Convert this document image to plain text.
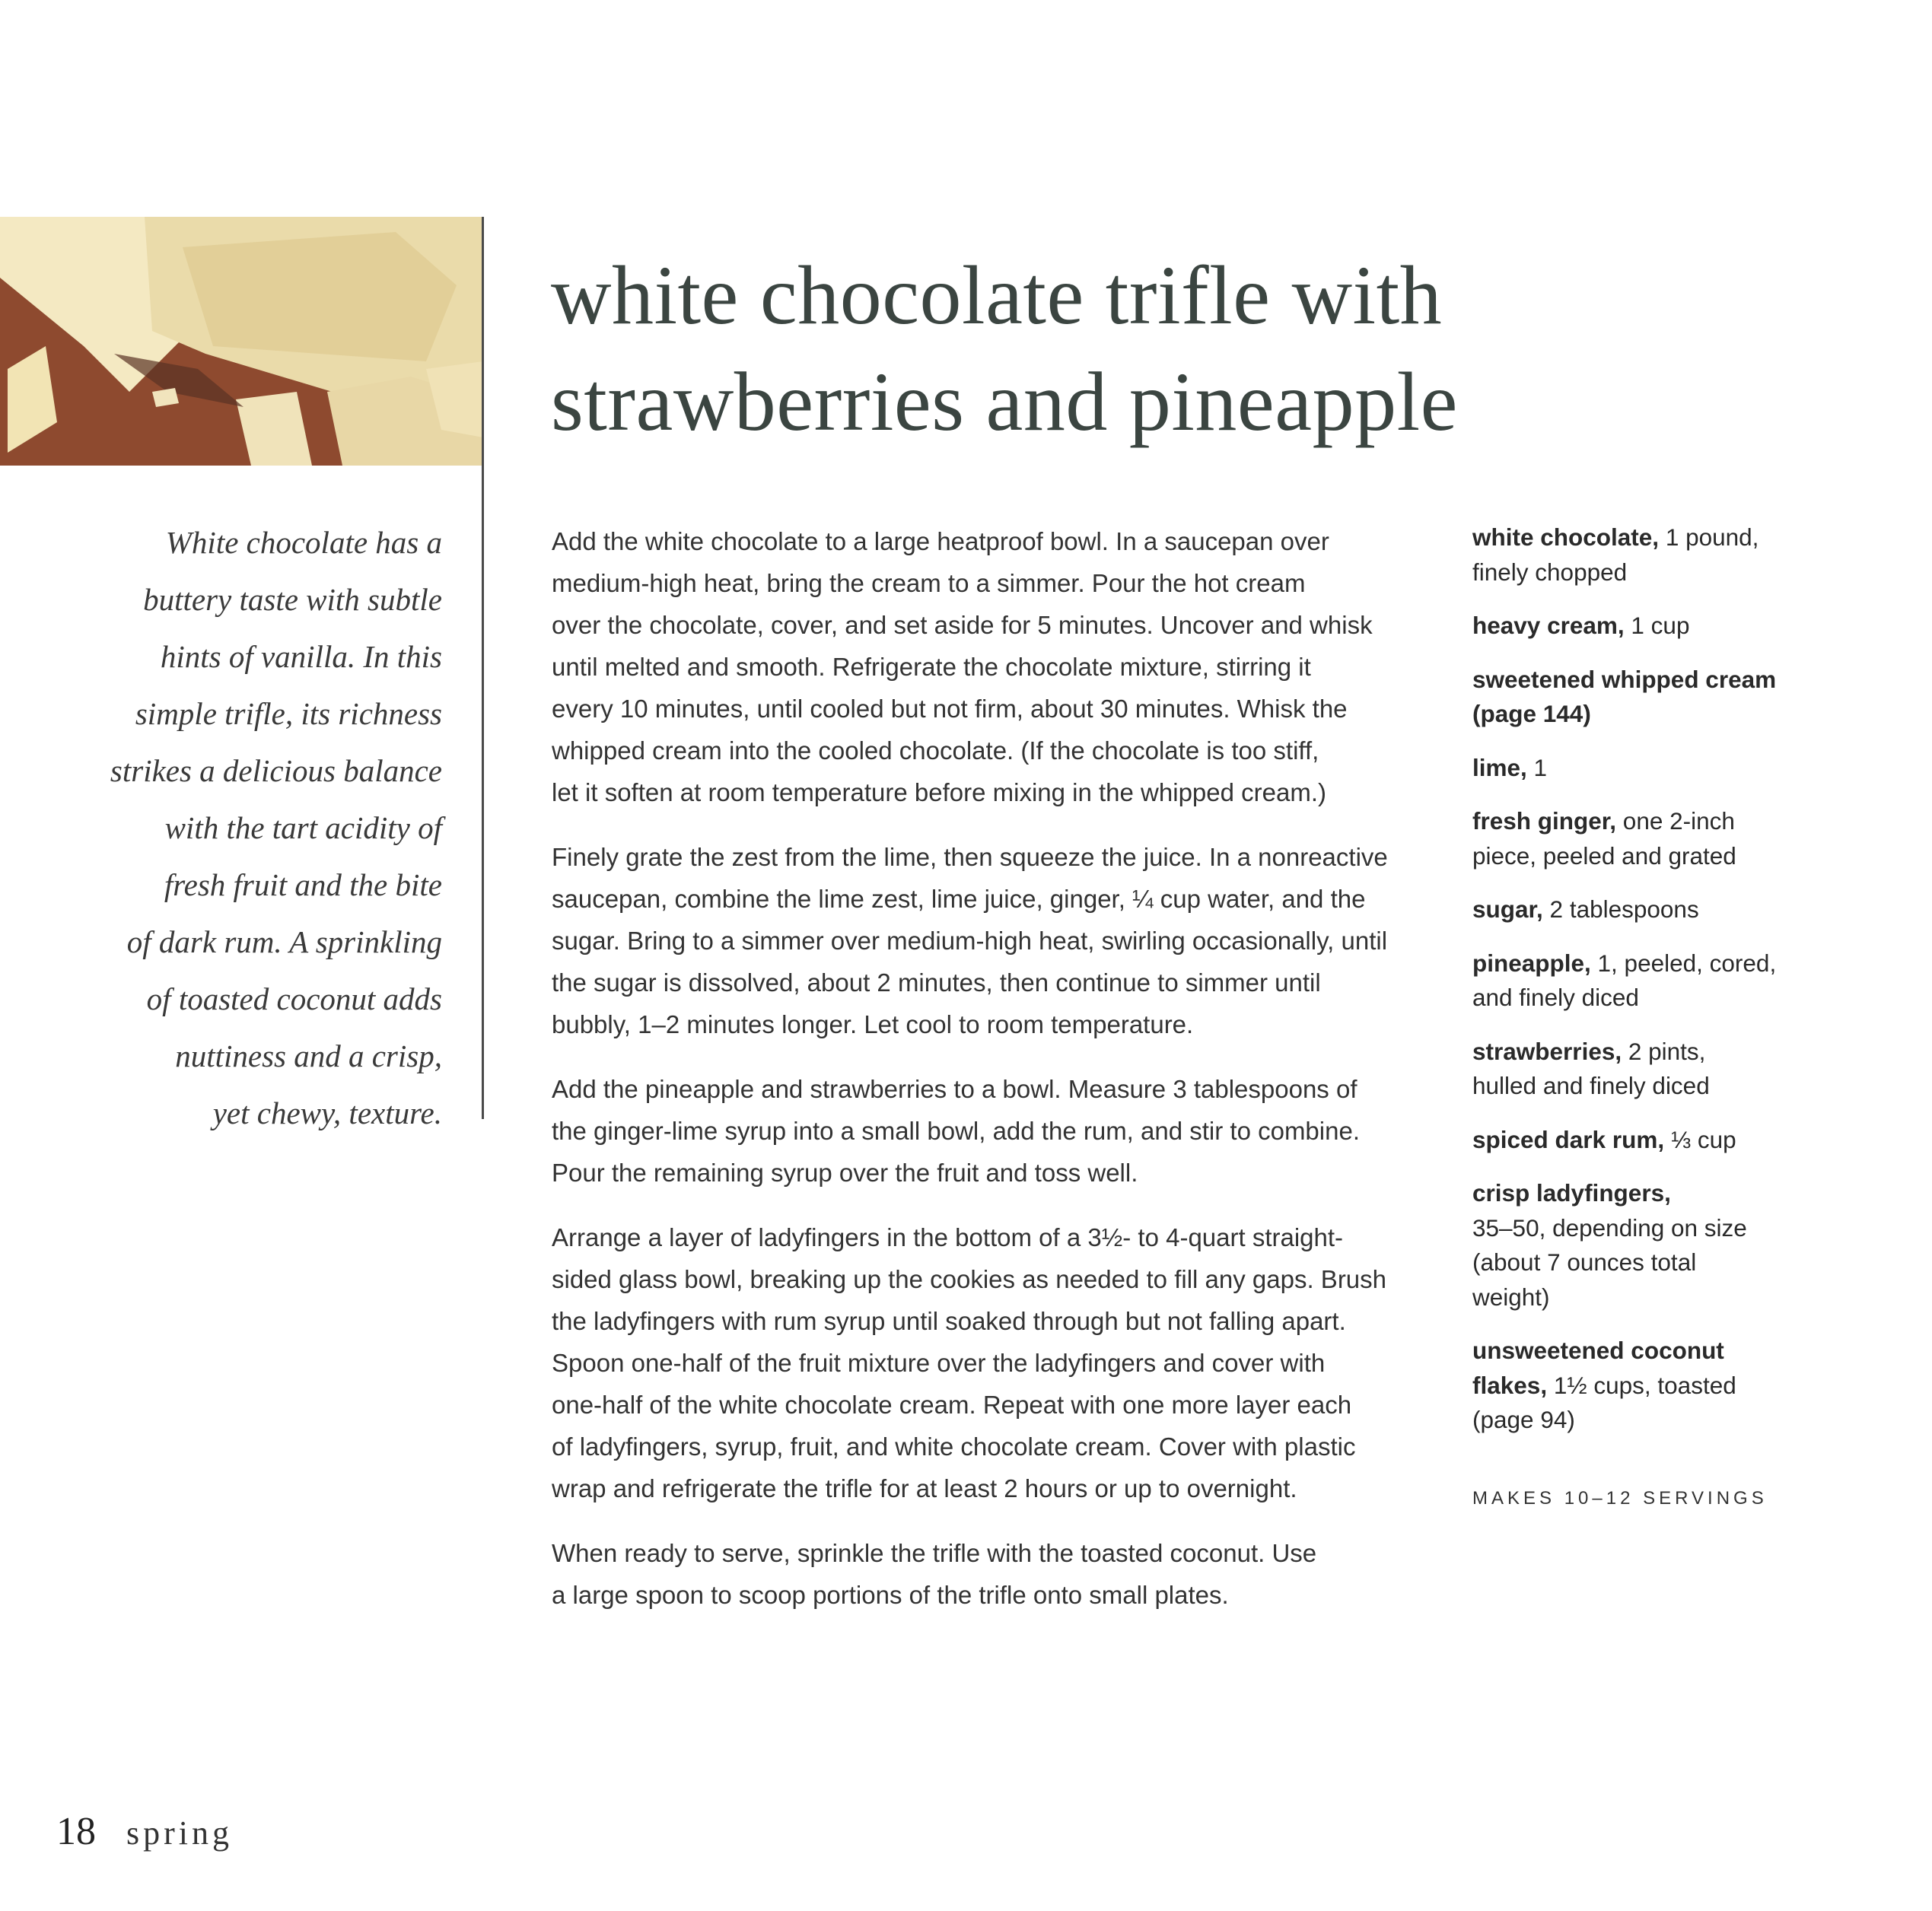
white chocolate trifle with
strawberries and pineapple
White chocolate has a
buttery taste with subtle
hints of vanilla. In this
simple trifle, its richness
strikes a delicious balance
with the tart acidity of
fresh fruit and the bite
of dark rum. A sprinkling
of toasted coconut adds
nuttiness and a crisp,
yet chewy, texture.
Add the white chocolate to a large heatproof bowl. In a saucepan over
medium-high heat, bring the cream to a simmer. Pour the hot cream
over the chocolate, cover, and set aside for 5 minutes. Uncover and whisk
until melted and smooth. Refrigerate the chocolate mixture, stirring it
every 10 minutes, until cooled but not firm, about 30 minutes. Whisk the
whipped cream into the cooled chocolate. (If the chocolate is too stiff,
let it soften at room temperature before mixing in the whipped cream.)
Finely grate the zest from the lime, then squeeze the juice. In a nonreactive
saucepan, combine the lime zest, lime juice, ginger, ¼ cup water, and the
sugar. Bring to a simmer over medium-high heat, swirling occasionally, until
the sugar is dissolved, about 2 minutes, then continue to simmer until
bubbly, 1–2 minutes longer. Let cool to room temperature.
Add the pineapple and strawberries to a bowl. Measure 3 tablespoons of
the ginger-lime syrup into a small bowl, add the rum, and stir to combine.
Pour the remaining syrup over the fruit and toss well.
Arrange a layer of ladyfingers in the bottom of a 3½- to 4-quart straight-
sided glass bowl, breaking up the cookies as needed to fill any gaps. Brush
the ladyfingers with rum syrup until soaked through but not falling apart.
Spoon one-half of the fruit mixture over the ladyfingers and cover with
one-half of the white chocolate cream. Repeat with one more layer each
of ladyfingers, syrup, fruit, and white chocolate cream. Cover with plastic
wrap and refrigerate the trifle for at least 2 hours or up to overnight.
When ready to serve, sprinkle the trifle with the toasted coconut. Use
a large spoon to scoop portions of the trifle onto small plates.
white chocolate, 1 pound,
finely chopped
heavy cream, 1 cup
sweetened whipped cream
(page 144)
lime, 1
fresh ginger, one 2-inch
piece, peeled and grated
sugar, 2 tablespoons
pineapple, 1, peeled, cored,
and finely diced
strawberries, 2 pints,
hulled and finely diced
spiced dark rum, ⅓ cup
crisp ladyfingers,
35–50, depending on size
(about 7 ounces total
weight)
unsweetened coconut
flakes, 1½ cups, toasted
(page 94)
MAKES 10–12 SERVINGS
18 spring
